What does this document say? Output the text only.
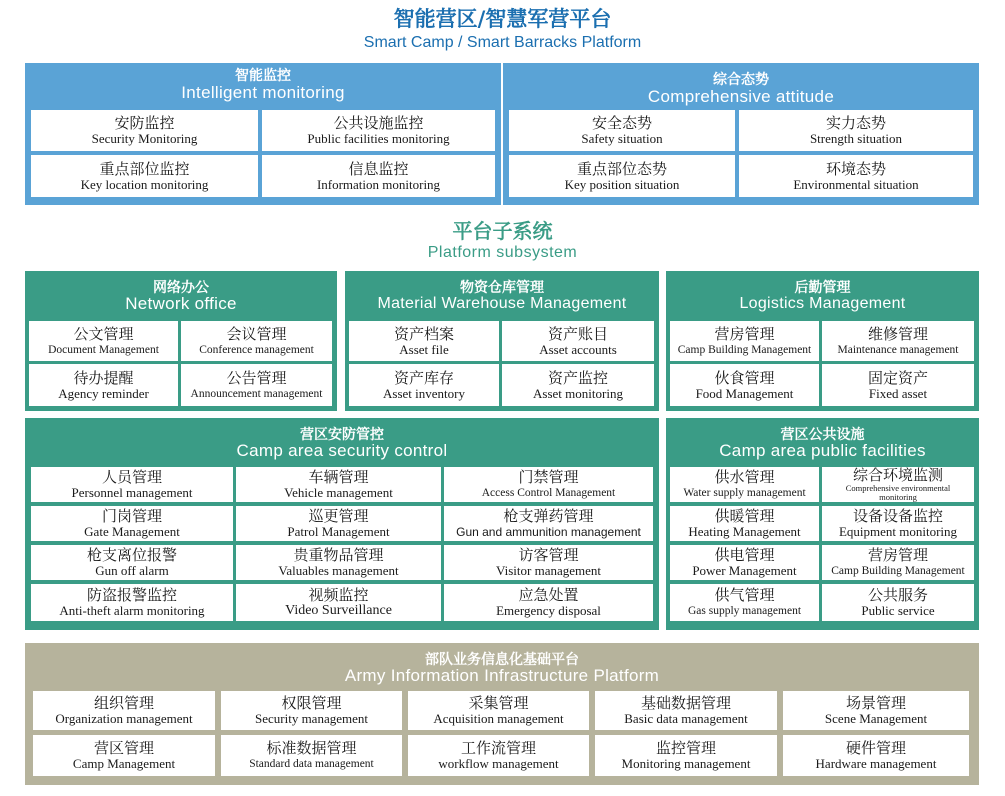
智能营区/智慧军营平台
Smart Camp / Smart Barracks Platform
智能监控
Intelligent monitoring
安防监控
Security Monitoring
公共设施监控
Public facilities monitoring
重点部位监控
Key location monitoring
信息监控
Information monitoring
综合态势
Comprehensive attitude
安全态势
Safety situation
实力态势
Strength situation
重点部位态势
Key position situation
环境态势
Environmental situation
平台子系统
Platform subsystem
网络办公
Network office
公文管理
Document Management
会议管理
Conference management
待办提醒
Agency reminder
公告管理
Announcement management
物资仓库管理
Material Warehouse Management
资产档案
Asset file
资产账目
Asset accounts
资产库存
Asset inventory
资产监控
Asset monitoring
后勤管理
Logistics Management
营房管理
Camp Building Management
维修管理
Maintenance management
伙食管理
Food Management
固定资产
Fixed asset
营区安防管控
Camp area security control
人员管理
Personnel management
车辆管理
Vehicle management
门禁管理
Access Control Management
门岗管理
Gate Management
巡更管理
Patrol Management
枪支弹药管理
Gun and ammunition management
枪支离位报警
Gun off alarm
贵重物品管理
Valuables management
访客管理
Visitor management
防盗报警监控
Anti-theft alarm monitoring
视频监控
Video Surveillance
应急处置
Emergency disposal
营区公共设施
Camp area public facilities
供水管理
Water supply management
综合环境监测
Comprehensive environmental monitoring
供暖管理
Heating Management
设备设备监控
Equipment monitoring
供电管理
Power Management
营房管理
Camp Building Management
供气管理
Gas supply management
公共服务
Public service
部队业务信息化基础平台
Army Information Infrastructure Platform
组织管理
Organization management
权限管理
Security management
采集管理
Acquisition management
基础数据管理
Basic data management
场景管理
Scene Management
营区管理
Camp Management
标准数据管理
Standard data management
工作流管理
workflow management
监控管理
Monitoring management
硬件管理
Hardware management
